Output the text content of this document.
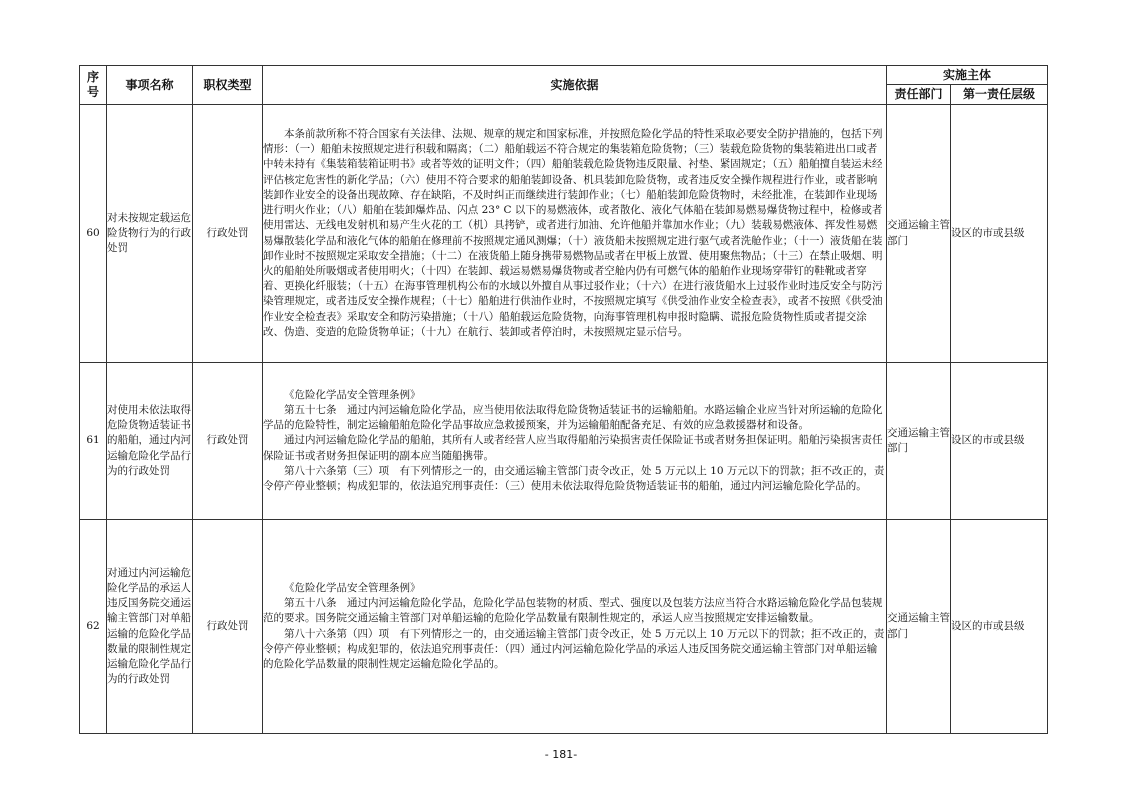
序号	事项名称	职权类型	实施依据	实施主体	
				责任部门	第一责任层级
60	对未按规定载运危险货物行为的行政处罚	行政处罚	本条前款所称不符合国家有关法律、法规、规章的规定和国家标准，并按照危险化学品的特性采取必要安全防护措施的，包括下列情形：（一）船舶未按照规定进行积载和隔离；（二）船舶载运不符合规定的集装箱危险货物；（三）装载危险货物的集装箱进出口或者中转未持有《集装箱装箱证明书》或者等效的证明文件；（四）船舶装载危险货物违反限量、衬垫、紧固规定；（五）船舶擅自装运未经评估核定危害性的新化学品；（六）使用不符合要求的船舶装卸设备、机具装卸危险货物，或者违反安全操作规程进行作业，或者影响装卸作业安全的设备出现故障、存在缺陷，不及时纠正而继续进行装卸作业；（七）船舶装卸危险货物时，未经批准，在装卸作业现场进行明火作业；（八）船舶在装卸爆炸品、闪点 23° C 以下的易燃液体，或者散化、液化气体船在装卸易燃易爆货物过程中，检修或者使用雷达、无线电发射机和易产生火花的工（机）具拷铲，或者进行加油、允许他船并靠加水作业；（九）装载易燃液体、挥发性易燃易爆散装化学品和液化气体的船舶在修理前不按照规定通风测爆；（十）液货船未按照规定进行驱气或者洗舱作业；（十一）液货船在装卸作业时不按照规定采取安全措施；（十二）在液货船上随身携带易燃物品或者在甲板上放置、使用聚焦物品；（十三）在禁止吸烟、明火的船舶处所吸烟或者使用明火；（十四）在装卸、载运易燃易爆货物或者空舱内仍有可燃气体的船舶作业现场穿带钉的鞋靴或者穿着、更换化纤服装；（十五）在海事管理机构公布的水域以外擅自从事过驳作业；（十六）在进行液货船水上过驳作业时违反安全与防污染管理规定，或者违反安全操作规程；（十七）船舶进行供油作业时，不按照规定填写《供受油作业安全检查表》，或者不按照《供受油作业安全检查表》采取安全和防污染措施；（十八）船舶载运危险货物，向海事管理机构申报时隐瞒、谎报危险货物性质或者提交涂改、伪造、变造的危险货物单证；（十九）在航行、装卸或者停泊时，未按照规定显示信号。	交通运输主管部门	设区的市或县级
61	对使用未依法取得危险货物适装证书的船舶，通过内河运输危险化学品行为的行政处罚	行政处罚	《危险化学品安全管理条例》

第五十七条　通过内河运输危险化学品，应当使用依法取得危险货物适装证书的运输船舶。水路运输企业应当针对所运输的危险化学品的危险特性，制定运输船舶危险化学品事故应急救援预案，并为运输船舶配备充足、有效的应急救援器材和设备。

通过内河运输危险化学品的船舶，其所有人或者经营人应当取得船舶污染损害责任保险证书或者财务担保证明。船舶污染损害责任保险证书或者财务担保证明的副本应当随船携带。

第八十六条第（三）项　有下列情形之一的，由交通运输主管部门责令改正，处 5 万元以上 10 万元以下的罚款；拒不改正的，责令停产停业整顿；构成犯罪的，依法追究刑事责任：（三）使用未依法取得危险货物适装证书的船舶，通过内河运输危险化学品的。	交通运输主管部门	设区的市或县级
62	对通过内河运输危险化学品的承运人违反国务院交通运输主管部门对单船运输的危险化学品数量的限制性规定运输危险化学品行为的行政处罚	行政处罚	《危险化学品安全管理条例》

第五十八条　通过内河运输危险化学品，危险化学品包装物的材质、型式、强度以及包装方法应当符合水路运输危险化学品包装规范的要求。国务院交通运输主管部门对单船运输的危险化学品数量有限制性规定的，承运人应当按照规定安排运输数量。

第八十六条第（四）项　有下列情形之一的，由交通运输主管部门责令改正，处 5 万元以上 10 万元以下的罚款；拒不改正的，责令停产停业整顿；构成犯罪的，依法追究刑事责任：（四）通过内河运输危险化学品的承运人违反国务院交通运输主管部门对单船运输的危险化学品数量的限制性规定运输危险化学品的。	交通运输主管部门	设区的市或县级
- 181-
